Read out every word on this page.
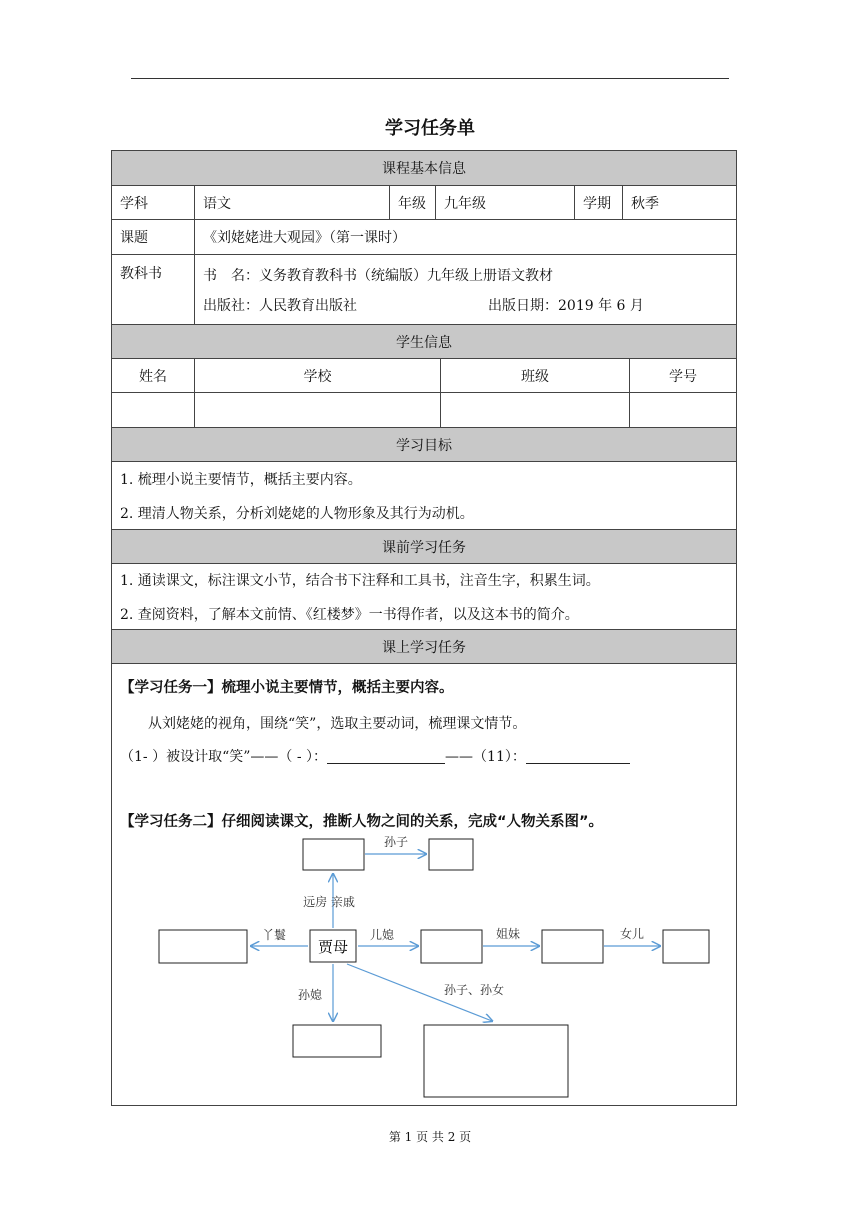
学习任务单
课程基本信息
学科	语文	年级	九年级	学期	秋季
课题	《刘姥姥进大观园》（第一课时）
教科书	书　名：义务教育教科书（统编版）九年级上册语文教材
出版社：人民教育出版社	出版日期：2019 年 6 月
学生信息
姓名	学校	班级	学号
学习目标
1. 梳理小说主要情节，概括主要内容。
2. 理清人物关系，分析刘姥姥的人物形象及其行为动机。
课前学习任务
1. 通读课文，标注课文小节，结合书下注释和工具书，注音生字，积累生词。
2. 查阅资料，了解本文前情、《红楼梦》一书得作者，以及这本书的简介。
课上学习任务
【学习任务一】梳理小说主要情节，概括主要内容。
从刘姥姥的视角，围绕“笑”，选取主要动词，梳理课文情节。
（1- ）被设计取“笑”——（ - ）：	——（11）：
【学习任务二】仔细阅读课文，推断人物之间的关系，完成“人物关系图”。
贾母
孙子
远房 亲戚
丫鬟	儿媳	姐妹	女儿
孙媳	孙子、孙女
第 1 页 共 2 页
